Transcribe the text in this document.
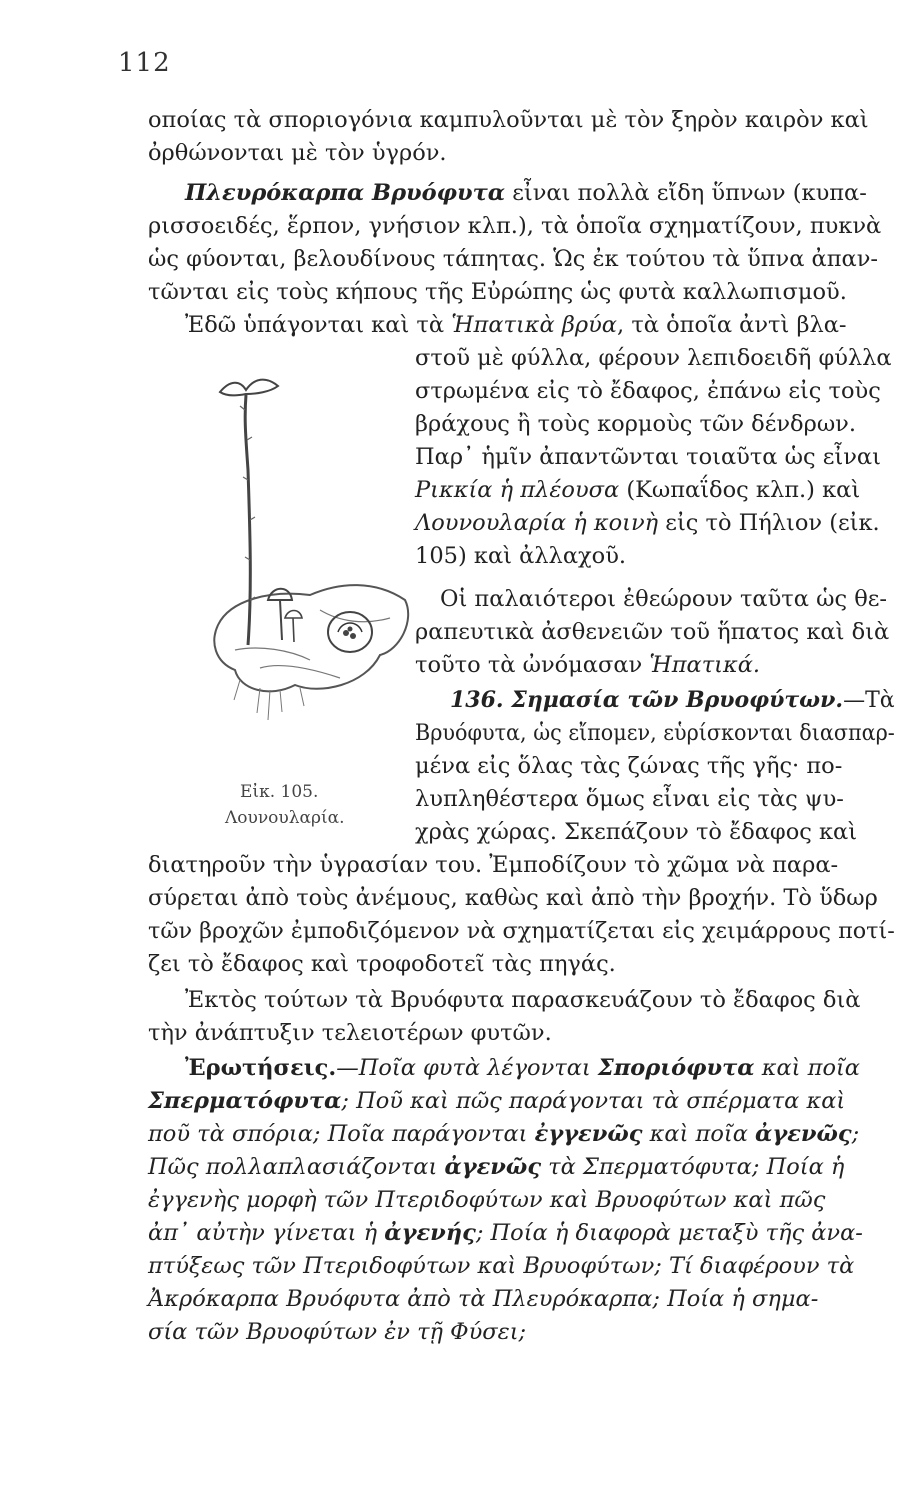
112
οποίας τὰ σποριογόνια καμπυλοῦνται μὲ τὸν ξηρὸν καιρὸν καὶ
ὀρθώνονται μὲ τὸν ὑγρόν.
Πλευρόκαρπα Βρυόφυτα εἶναι πολλὰ εἴδη ὕπνων (κυπα-
ρισσοειδές, ἕρπον, γνήσιον κλπ.), τὰ ὁποῖα σχηματίζουν, πυκνὰ
ὡς φύονται, βελουδίνους τάπητας. Ὡς ἐκ τούτου τὰ ὕπνα ἀπαν-
τῶνται εἰς τοὺς κήπους τῆς Εὐρώπης ὡς φυτὰ καλλωπισμοῦ.
Ἐδῶ ὑπάγονται καὶ τὰ Ἡπατικὰ βρύα, τὰ ὁποῖα ἀντὶ βλα-
στοῦ μὲ φύλλα, φέρουν λεπιδοειδῆ φύλλα
στρωμένα εἰς τὸ ἔδαφος, ἐπάνω εἰς τοὺς
βράχους ἢ τοὺς κορμοὺς τῶν δένδρων.
Παρ᾽ ἡμῖν ἀπαντῶνται τοιαῦτα ὡς εἶναι
Ρικκία ἡ πλέουσα (Κωπαΐδος κλπ.) καὶ
Λουνουλαρία ἡ κοινὴ εἰς τὸ Πήλιον (εἰκ.
105) καὶ ἀλλαχοῦ.
Οἱ παλαιότεροι ἐθεώρουν ταῦτα ὡς θε-
ραπευτικὰ ἀσθενειῶν τοῦ ἥπατος καὶ διὰ
τοῦτο τὰ ὠνόμασαν Ἡπατικά.
136. Σημασία τῶν Βρυοφύτων.—Τὰ
Βρυόφυτα, ὡς εἴπομεν, εὑρίσκονται διασπαρ-
μένα εἰς ὅλας τὰς ζώνας τῆς γῆς· πο-
λυπληθέστερα ὅμως εἶναι εἰς τὰς ψυ-
χρὰς χώρας. Σκεπάζουν τὸ ἔδαφος καὶ
διατηροῦν τὴν ὑγρασίαν του. Ἐμποδίζουν τὸ χῶμα νὰ παρα-
σύρεται ἀπὸ τοὺς ἀνέμους, καθὼς καὶ ἀπὸ τὴν βροχήν. Τὸ ὕδωρ
τῶν βροχῶν ἐμποδιζόμενον νὰ σχηματίζεται εἰς χειμάρρους ποτί-
ζει τὸ ἔδαφος καὶ τροφοδοτεῖ τὰς πηγάς.
Ἐκτὸς τούτων τὰ Βρυόφυτα παρασκευάζουν τὸ ἔδαφος διὰ
τὴν ἀνάπτυξιν τελειοτέρων φυτῶν.
Εἰκ. 105.
Λουνουλαρία.
Ἐρωτήσεις.—Ποῖα φυτὰ λέγονται Σποριόφυτα καὶ ποῖα
Σπερματόφυτα; Ποῦ καὶ πῶς παράγονται τὰ σπέρματα καὶ
ποῦ τὰ σπόρια; Ποῖα παράγονται ἐγγενῶς καὶ ποῖα ἀγενῶς;
Πῶς πολλαπλασιάζονται ἀγενῶς τὰ Σπερματόφυτα; Ποία ἡ
ἐγγενὴς μορφὴ τῶν Πτεριδοφύτων καὶ Βρυοφύτων καὶ πῶς
ἀπ᾽ αὐτὴν γίνεται ἡ ἀγενής; Ποία ἡ διαφορὰ μεταξὺ τῆς ἀνα-
πτύξεως τῶν Πτεριδοφύτων καὶ Βρυοφύτων; Τί διαφέρουν τὰ
Ἀκρόκαρπα Βρυόφυτα ἀπὸ τὰ Πλευρόκαρπα; Ποία ἡ σημα-
σία τῶν Βρυοφύτων ἐν τῇ Φύσει;
